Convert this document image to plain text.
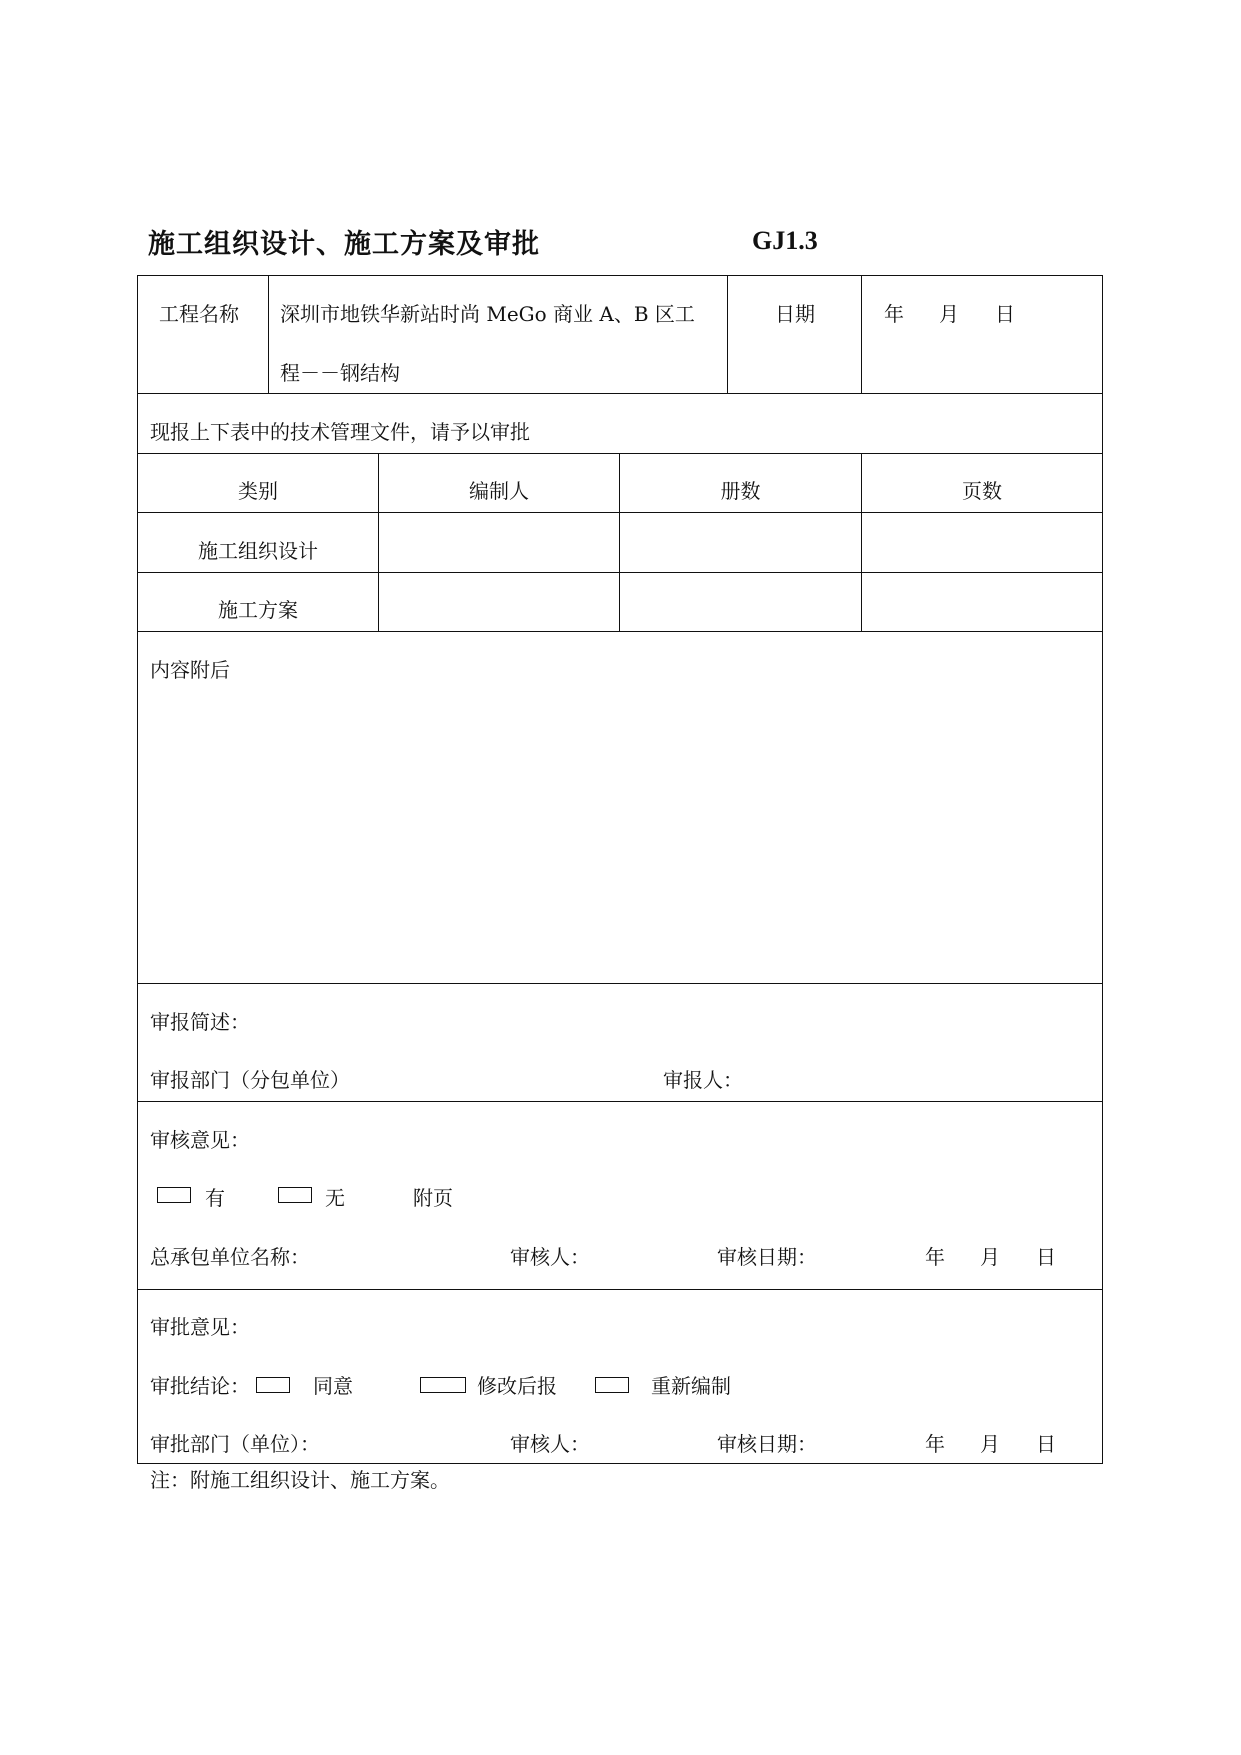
施工组织设计、施工方案及审批	GJ1.3
工程名称 深圳市地铁华新站时尚 MeGo 商业 A、B 区工
程－－钢结构
日期	年 月 日
现报上下表中的技术管理文件，请予以审批
类别	编制人	册数	页数
施工组织设计
施工方案
内容附后
审报简述：
审报部门（分包单位）	审报人：
审核意见：
有	无	附页
总承包单位名称：	审核人：	审核日期：	年 月 日
审批意见：
审批结论：	同意	修改后报	重新编制
审批部门（单位）：	审核人：	审核日期：	年 月 日
注：附施工组织设计、施工方案。
